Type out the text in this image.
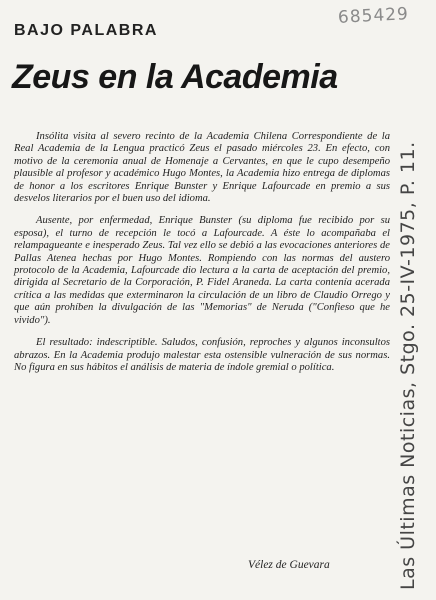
685429
BAJO PALABRA
Zeus en la Academia

Insólita visita al severo recinto de la Academia Chilena Correspondiente de la Real Academia de la Lengua practicó Zeus el pasado miércoles 23. En efecto, con motivo de la ceremonia anual de Homenaje a Cervantes, en que le cupo desempeño plausible al profesor y académico Hugo Montes, la Academia hizo entrega de diplomas de honor a los escritores Enrique Bunster y Enrique Lafourcade en premio a sus desvelos literarios por el buen uso del idioma.

Ausente, por enfermedad, Enrique Bunster (su diploma fue recibido por su esposa), el turno de recepción le tocó a Lafourcade. A éste lo acompañaba el relampagueante e inesperado Zeus. Tal vez ello se debió a las evocaciones anteriores de Pallas Atenea hechas por Hugo Montes. Rompiendo con las normas del austero protocolo de la Academia, Lafourcade dio lectura a la carta de aceptación del premio, dirigida al Secretario de la Corporación, P. Fidel Araneda. La carta contenía acerada crítica a las medidas que exterminaron la circulación de un libro de Claudio Orrego y que aún prohíben la divulgación de las "Memorias" de Neruda ("Confieso que he vivido").

El resultado: indescriptible. Saludos, confusión, reproches y algunos inconsultos abrazos. En la Academia produjo malestar esta ostensible vulneración de sus normas. No figura en sus hábitos el análisis de materia de índole gremial o política.

Vélez de Guevara	Las Últimas Noticias, Stgo. 25-IV-1975, P. 11.
